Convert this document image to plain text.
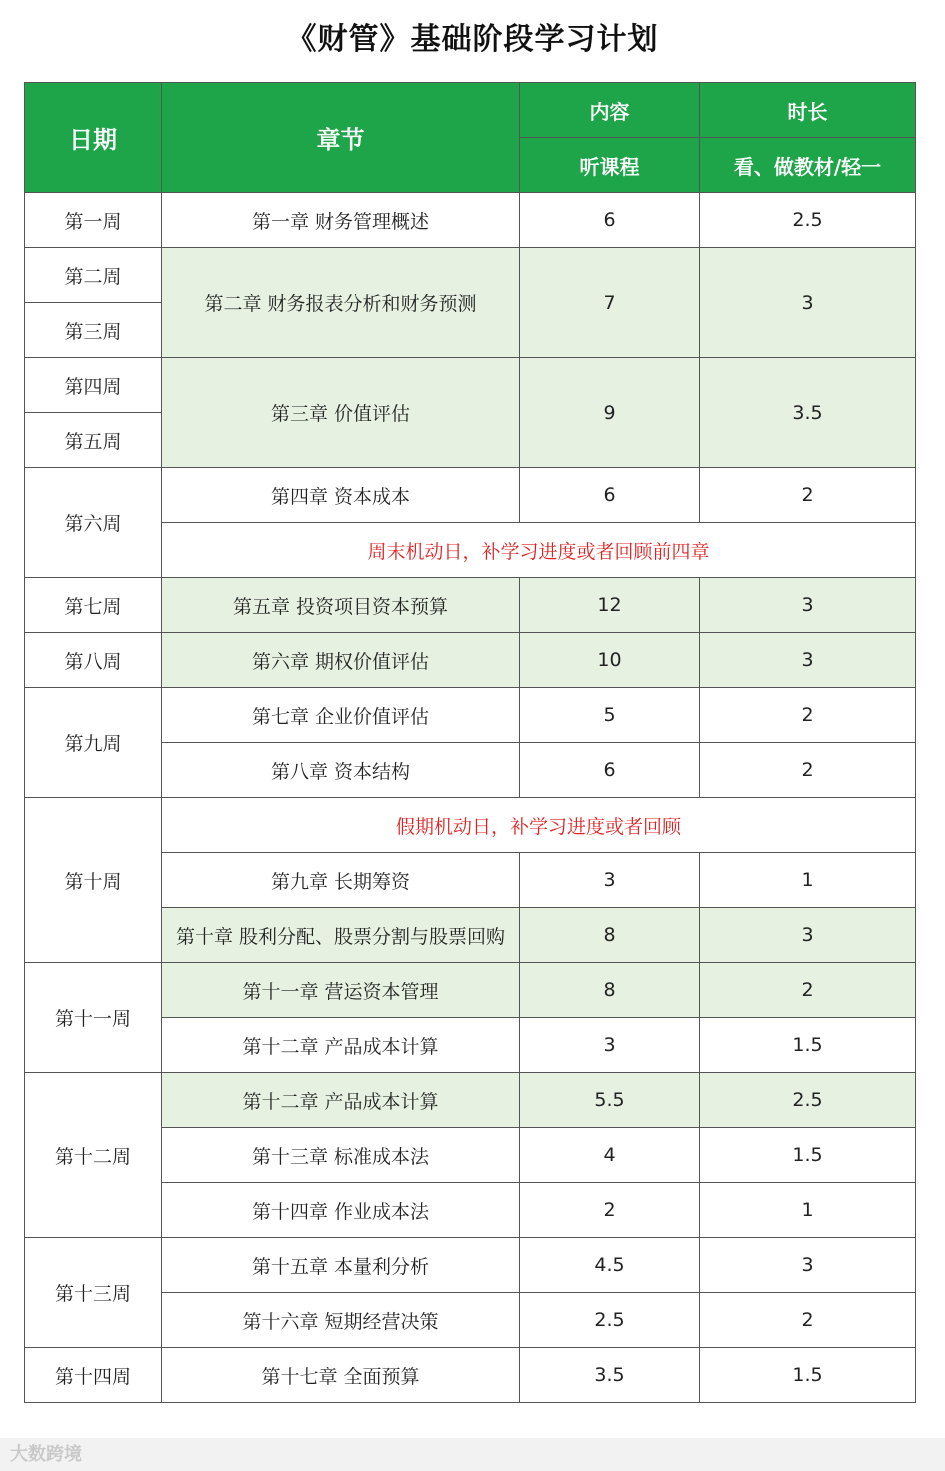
《财管》基础阶段学习计划
日期	章节	内容	时长
		听课程	看、做教材/轻一
第一周	第一章 财务管理概述	6	2.5
第二周	第二章 财务报表分析和财务预测	7	3
第三周			
第四周	第三章 价值评估	9	3.5
第五周			
第六周	第四章 资本成本	6	2
	周末机动日，补学习进度或者回顾前四章		
第七周	第五章 投资项目资本预算	12	3
第八周	第六章 期权价值评估	10	3
第九周	第七章 企业价值评估	5	2
	第八章 资本结构	6	2
第十周	假期机动日，补学习进度或者回顾		
	第九章 长期筹资	3	1
	第十章 股利分配、股票分割与股票回购	8	3
第十一周	第十一章 营运资本管理	8	2
	第十二章 产品成本计算	3	1.5
第十二周	第十二章 产品成本计算	5.5	2.5
	第十三章 标准成本法	4	1.5
	第十四章 作业成本法	2	1
第十三周	第十五章 本量利分析	4.5	3
	第十六章 短期经营决策	2.5	2
第十四周	第十七章 全面预算	3.5	1.5
大数跨境
